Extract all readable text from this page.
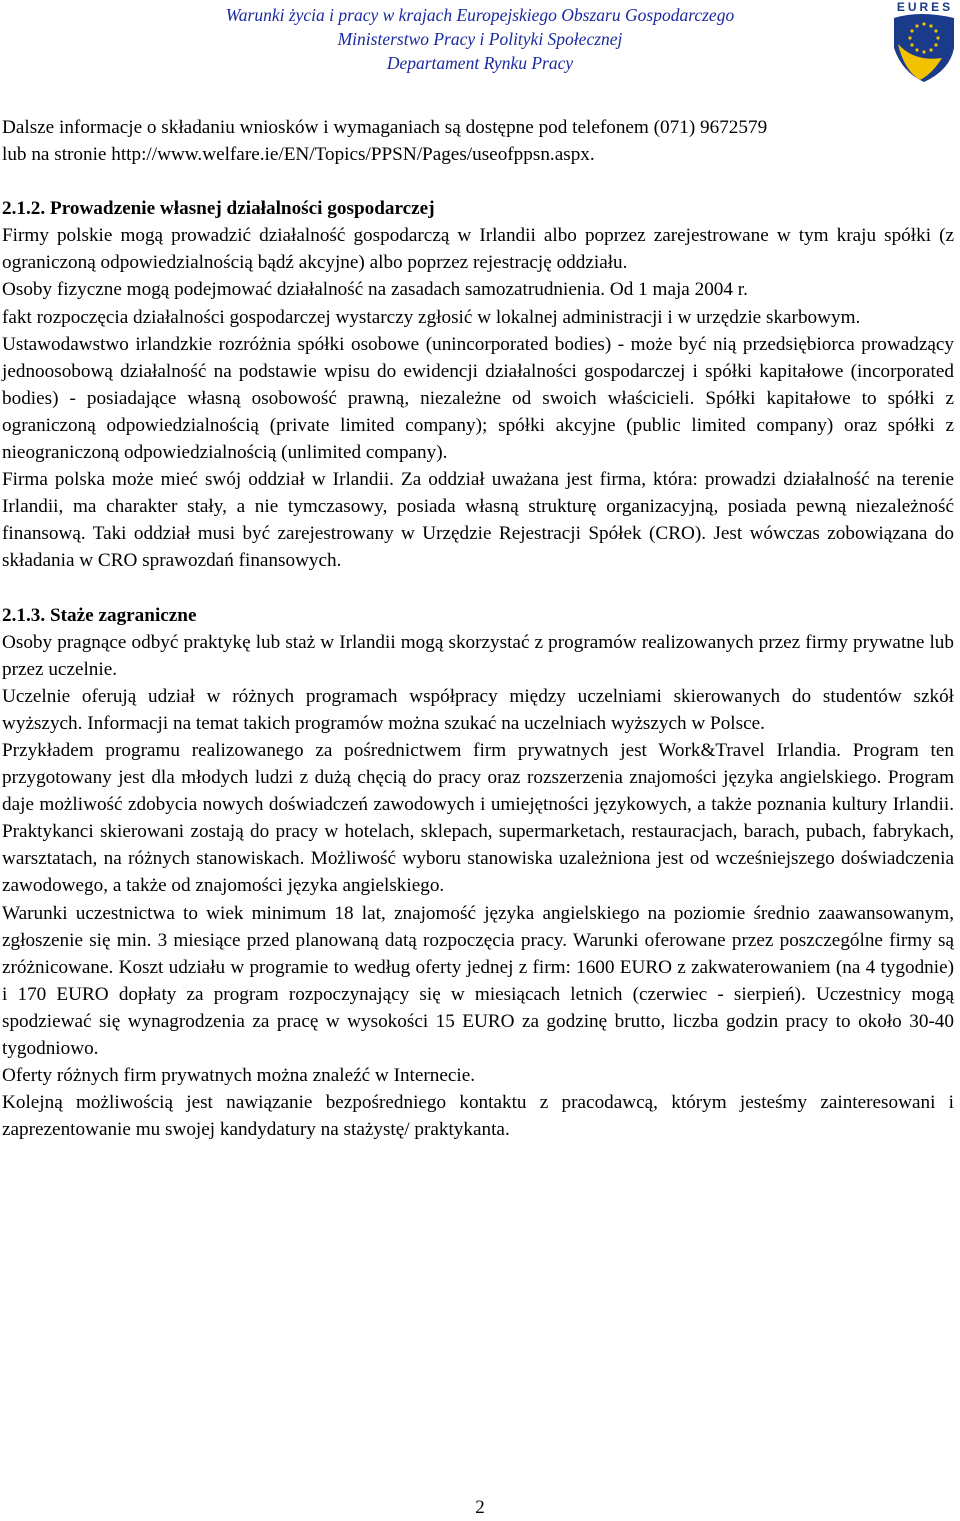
Warunki życia i pracy w krajach Europejskiego Obszaru Gospodarczego
Ministerstwo Pracy i Polityki Społecznej
Departament Rynku Pracy
EURES

Dalsze informacje o składaniu wniosków i wymaganiach są dostępne pod telefonem (071) 9672579

lub na stronie http://www.welfare.ie/EN/Topics/PPSN/Pages/useofppsn.aspx.

2.1.2. Prowadzenie własnej działalności gospodarczej

Firmy polskie mogą prowadzić działalność gospodarczą w Irlandii albo poprzez zarejestrowane w tym kraju spółki (z ograniczoną odpowiedzialnością bądź akcyjne) albo poprzez rejestrację oddziału.

Osoby fizyczne mogą podejmować działalność na zasadach samozatrudnienia. Od 1 maja 2004 r.

fakt rozpoczęcia działalności gospodarczej wystarczy zgłosić w lokalnej administracji i w urzędzie skarbowym.

Ustawodawstwo irlandzkie rozróżnia spółki osobowe (unincorporated bodies) - może być nią przedsiębiorca prowadzący jednoosobową działalność na podstawie wpisu do ewidencji działalności gospodarczej i spółki kapitałowe (incorporated bodies) - posiadające własną osobowość prawną, niezależne od swoich właścicieli. Spółki kapitałowe to spółki z ograniczoną odpowiedzialnością (private limited company); spółki akcyjne (public limited company) oraz spółki z nieograniczoną odpowiedzialnością (unlimited company).

Firma polska może mieć swój oddział w Irlandii. Za oddział uważana jest firma, która: prowadzi działalność na terenie Irlandii, ma charakter stały, a nie tymczasowy, posiada własną strukturę organizacyjną, posiada pewną niezależność finansową. Taki oddział musi być zarejestrowany w Urzędzie Rejestracji Spółek (CRO). Jest wówczas zobowiązana do składania w CRO sprawozdań finansowych.

2.1.3. Staże zagraniczne

Osoby pragnące odbyć praktykę lub staż w Irlandii mogą skorzystać z programów realizowanych przez firmy prywatne lub przez uczelnie.

Uczelnie oferują udział w różnych programach współpracy między uczelniami skierowanych do studentów szkół wyższych. Informacji na temat takich programów można szukać na uczelniach wyższych w Polsce.

Przykładem programu realizowanego za pośrednictwem firm prywatnych jest Work&Travel Irlandia. Program ten przygotowany jest dla młodych ludzi z dużą chęcią do pracy oraz rozszerzenia znajomości języka angielskiego. Program daje możliwość zdobycia nowych doświadczeń zawodowych i umiejętności językowych, a także poznania kultury Irlandii. Praktykanci skierowani zostają do pracy w hotelach, sklepach, supermarketach, restauracjach, barach, pubach, fabrykach, warsztatach, na różnych stanowiskach. Możliwość wyboru stanowiska uzależniona jest od wcześniejszego doświadczenia zawodowego, a także od znajomości języka angielskiego.

Warunki uczestnictwa to wiek minimum 18 lat, znajomość języka angielskiego na poziomie średnio zaawansowanym, zgłoszenie się min. 3 miesiące przed planowaną datą rozpoczęcia pracy. Warunki oferowane przez poszczególne firmy są zróżnicowane. Koszt udziału w programie to według oferty jednej z firm: 1600 EURO z zakwaterowaniem (na 4 tygodnie) i 170 EURO dopłaty za program rozpoczynający się w miesiącach letnich (czerwiec - sierpień). Uczestnicy mogą spodziewać się wynagrodzenia za pracę w wysokości 15 EURO za godzinę brutto, liczba godzin pracy to około 30-40 tygodniowo.

Oferty różnych firm prywatnych można znaleźć w Internecie.

Kolejną możliwością jest nawiązanie bezpośredniego kontaktu z pracodawcą, którym jesteśmy zainteresowani i zaprezentowanie mu swojej kandydatury na stażystę/ praktykanta.

2
